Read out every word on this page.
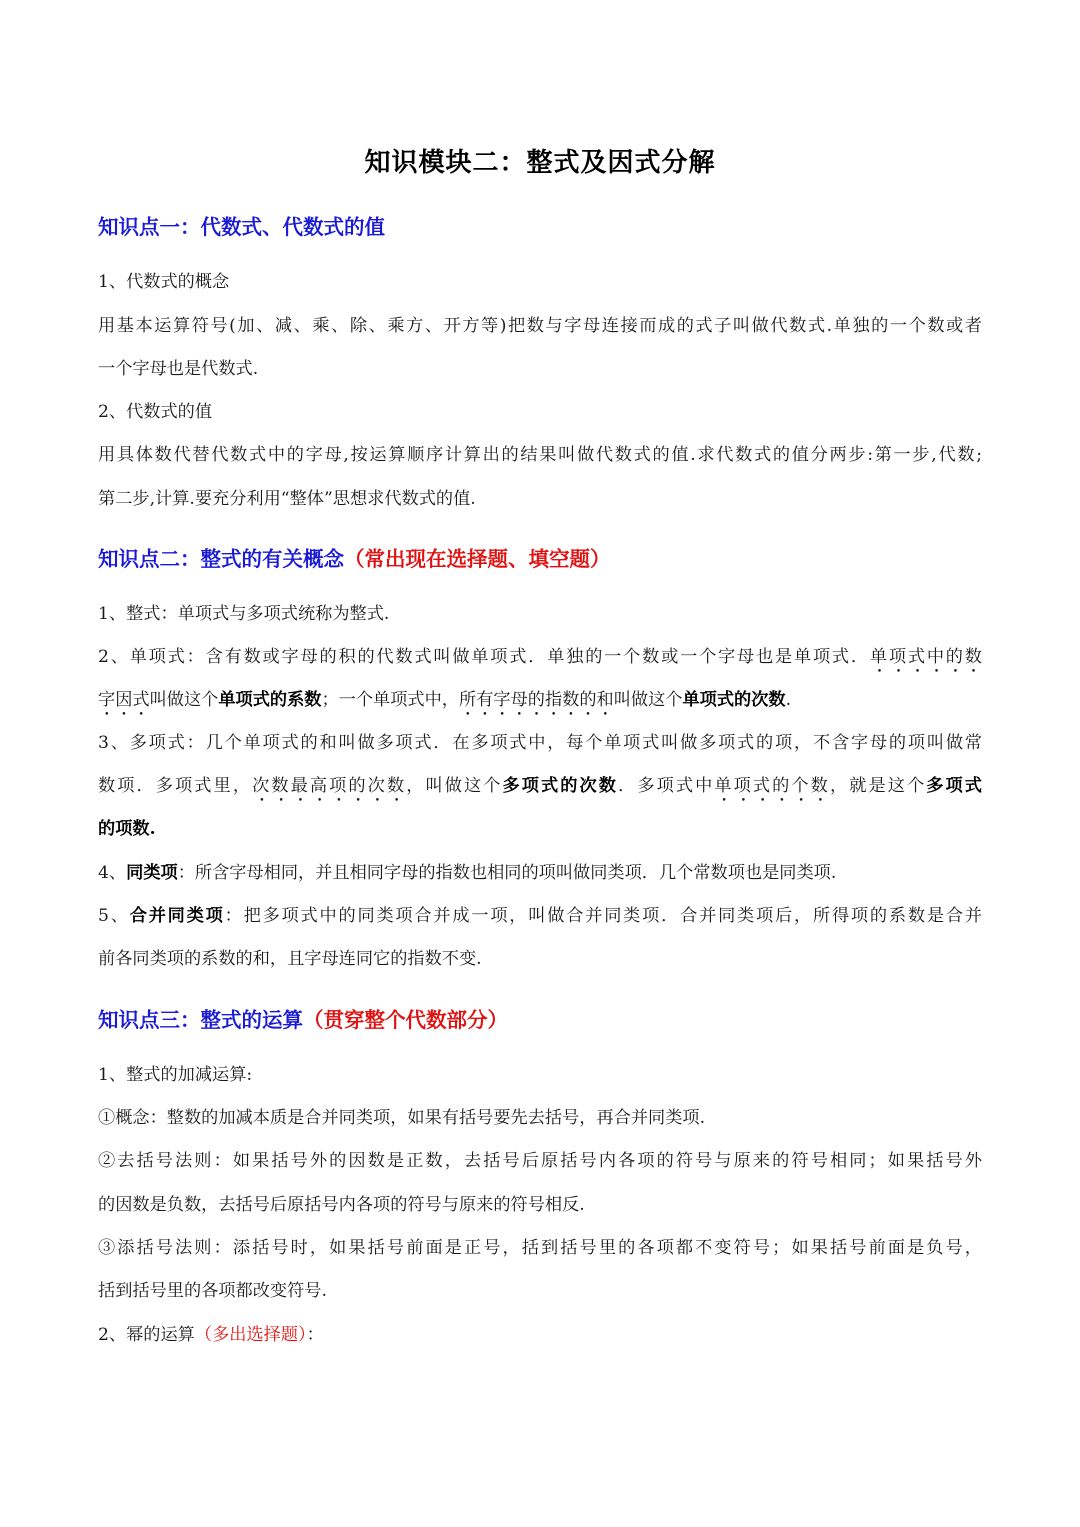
知识模块二：整式及因式分解
知识点一：代数式、代数式的值
1、代数式的概念
用基本运算符号(加、减、乘、除、乘方、开方等)把数与字母连接而成的式子叫做代数式.单独的一个数或者
一个字母也是代数式.
2、代数式的值
用具体数代替代数式中的字母,按运算顺序计算出的结果叫做代数式的值.求代数式的值分两步:第一步,代数;
第二步,计算.要充分利用“整体”思想求代数式的值.
知识点二：整式的有关概念（常出现在选择题、填空题）
1、整式：单项式与多项式统称为整式.
2、单项式：含有数或字母的积的代数式叫做单项式．单独的一个数或一个字母也是单项式．单项式中的数
字因式叫做这个单项式的系数；一个单项式中，所有字母的指数的和叫做这个单项式的次数.
3、多项式：几个单项式的和叫做多项式．在多项式中，每个单项式叫做多项式的项，不含字母的项叫做常
数项．多项式里，次数最高项的次数，叫做这个多项式的次数．多项式中单项式的个数，就是这个多项式
的项数.
4、同类项：所含字母相同，并且相同字母的指数也相同的项叫做同类项．几个常数项也是同类项.
5、合并同类项：把多项式中的同类项合并成一项，叫做合并同类项．合并同类项后，所得项的系数是合并
前各同类项的系数的和，且字母连同它的指数不变.
知识点三：整式的运算（贯穿整个代数部分）
1、整式的加减运算:
①概念：整数的加减本质是合并同类项，如果有括号要先去括号，再合并同类项.
②去括号法则：如果括号外的因数是正数，去括号后原括号内各项的符号与原来的符号相同；如果括号外
的因数是负数，去括号后原括号内各项的符号与原来的符号相反.
③添括号法则：添括号时，如果括号前面是正号，括到括号里的各项都不变符号；如果括号前面是负号，
括到括号里的各项都改变符号.
2、幂的运算（多出选择题）：
